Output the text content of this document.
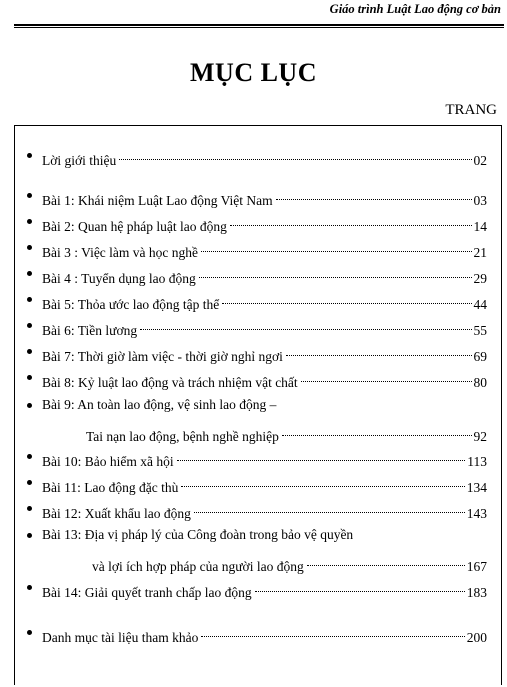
Giáo trình Luật Lao động cơ bản
MỤC LỤC
TRANG
Lời giới thiệu	02
Bài 1: Khái niệm Luật Lao động Việt Nam	03
Bài 2: Quan hệ pháp luật lao động	14
Bài 3 : Việc làm và học nghề	21
Bài 4 : Tuyển dụng lao động	29
Bài 5: Thỏa ước lao động tập thể	44
Bài 6: Tiền lương	55
Bài 7: Thời giờ làm việc - thời giờ nghỉ ngơi	69
Bài 8: Kỷ luật lao động và trách nhiệm vật chất	80
Bài 9: An toàn lao động, vệ sinh lao động –
Tai nạn lao động, bệnh nghề nghiệp	92
Bài 10: Bảo hiểm xã hội	113
Bài 11: Lao động đặc thù	134
Bài 12: Xuất khẩu lao động	143
Bài 13: Địa vị pháp lý của Công đoàn trong bảo vệ quyền
và lợi ích hợp pháp của người lao động	167
Bài 14: Giải quyết tranh chấp lao động	183
Danh mục tài liệu tham khảo	200
